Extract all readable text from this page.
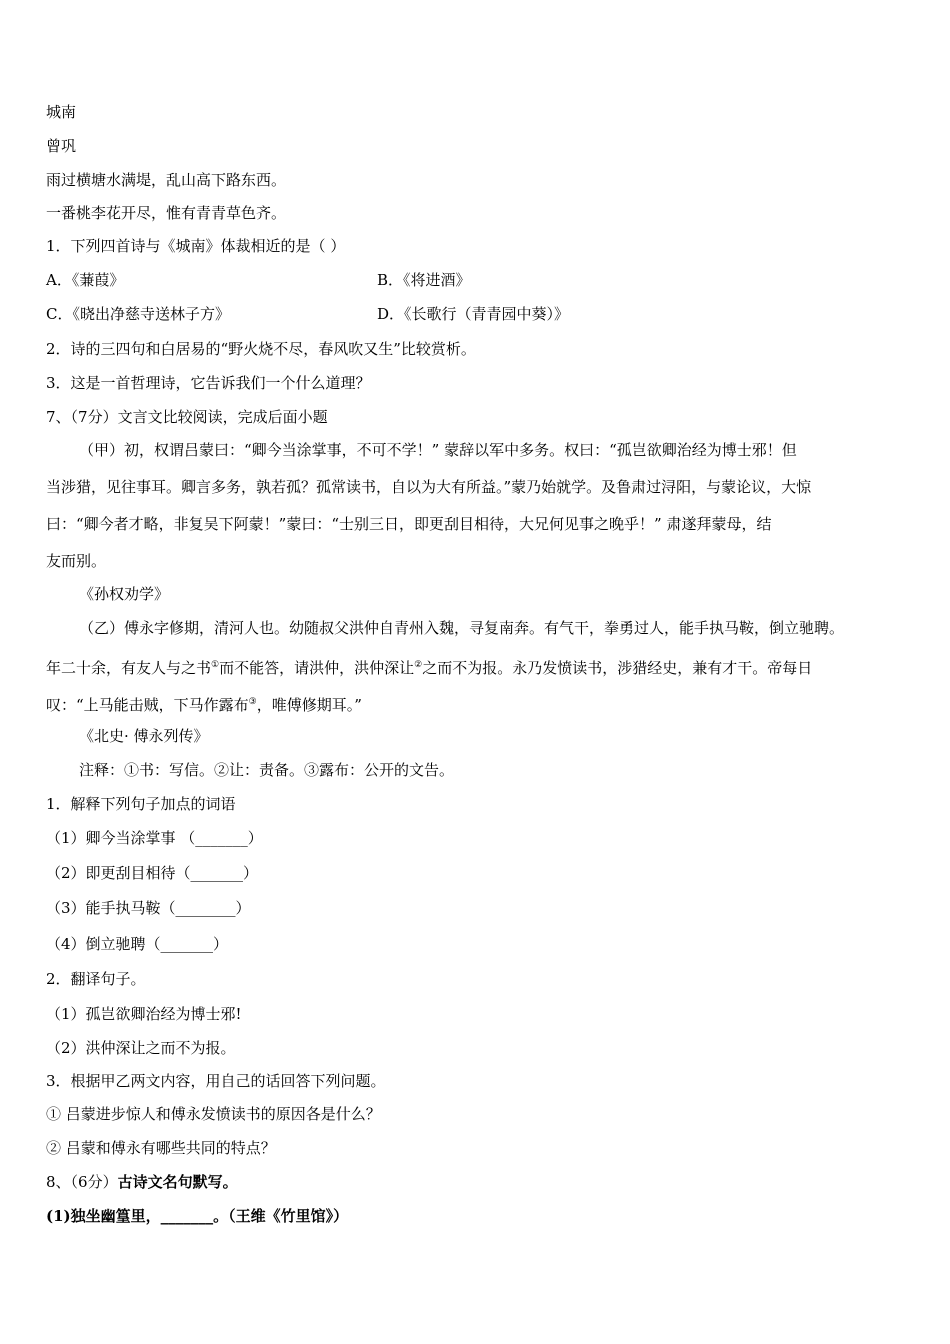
城南
曾巩
雨过横塘水满堤，乱山高下路东西。
一番桃李花开尽，惟有青青草色齐。
1．下列四首诗与《城南》体裁相近的是（ ）
A．《蒹葭》	B．《将进酒》
C．《晓出净慈寺送林子方》	D．《长歌行（青青园中葵）》
2．诗的三四句和白居易的“野火烧不尽，春风吹又生”比较赏析。
3．这是一首哲理诗，它告诉我们一个什么道理？
7、（7分）文言文比较阅读，完成后面小题
（甲）初，权谓吕蒙曰：“卿今当涂掌事，不可不学！” 蒙辞以军中多务。权曰：“孤岂欲卿治经为博士邪！但
当涉猎，见往事耳。卿言多务，孰若孤？孤常读书，自以为大有所益。”蒙乃始就学。及鲁肃过浔阳，与蒙论议，大惊
曰：“卿今者才略，非复吴下阿蒙！”蒙曰：“士别三日，即更刮目相待，大兄何见事之晚乎！” 肃遂拜蒙母，结
友而别。
《孙权劝学》
（乙）傅永字修期，清河人也。幼随叔父洪仲自青州入魏，寻复南奔。有气干，拳勇过人，能手执马鞍，倒立驰聘。
年二十余，有友人与之书①而不能答，请洪仲，洪仲深让②之而不为报。永乃发愤读书，涉猎经史，兼有才干。帝每日
叹：“上马能击贼，下马作露布③，唯傅修期耳。”
《北史· 傅永列传》
注释：①书：写信。②让：责备。③露布：公开的文告。
1．解释下列句子加点的词语
（1）卿今当涂掌事 （_______）
（2）即更刮目相待（_______）
（3）能手执马鞍（________）
（4）倒立驰聘（_______）
2．翻译句子。
（1）孤岂欲卿治经为博士邪!
（2）洪仲深让之而不为报。
3．根据甲乙两文内容，用自己的话回答下列问题。
① 吕蒙进步惊人和傅永发愤读书的原因各是什么？
② 吕蒙和傅永有哪些共同的特点？
8、（6分）古诗文名句默写。
(1)独坐幽篁里，_______。（王维《竹里馆》）
